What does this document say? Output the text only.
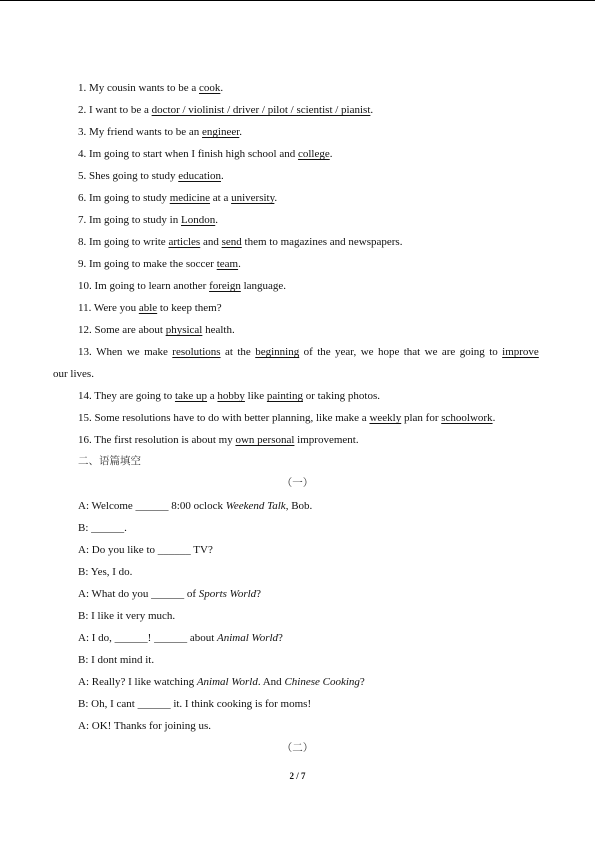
1. My cousin wants to be a cook.
2. I want to be a doctor / violinist / driver / pilot / scientist / pianist.
3. My friend wants to be an engineer.
4. Im going to start when I finish high school and college.
5. Shes going to study education.
6. Im going to study medicine at a university.
7. Im going to study in London.
8. Im going to write articles and send them to magazines and newspapers.
9. Im going to make the soccer team.
10. Im going to learn another foreign language.
11. Were you able to keep them?
12. Some are about physical health.
13. When we make resolutions at the beginning of the year, we hope that we are going to improve
our lives.
14. They are going to take up a hobby like painting or taking photos.
15. Some resolutions have to do with better planning, like make a weekly plan for schoolwork.
16. The first resolution is about my own personal improvement.
二、语篇填空
（一）
A: Welcome ______ 8:00 oclock Weekend Talk, Bob.
B: ______.
A: Do you like to ______ TV?
B: Yes, I do.
A: What do you ______ of Sports World?
B: I like it very much.
A: I do, ______! ______ about Animal World?
B: I dont mind it.
A: Really? I like watching Animal World. And Chinese Cooking?
B: Oh, I cant ______ it. I think cooking is for moms!
A: OK! Thanks for joining us.
（二）
2 / 7
